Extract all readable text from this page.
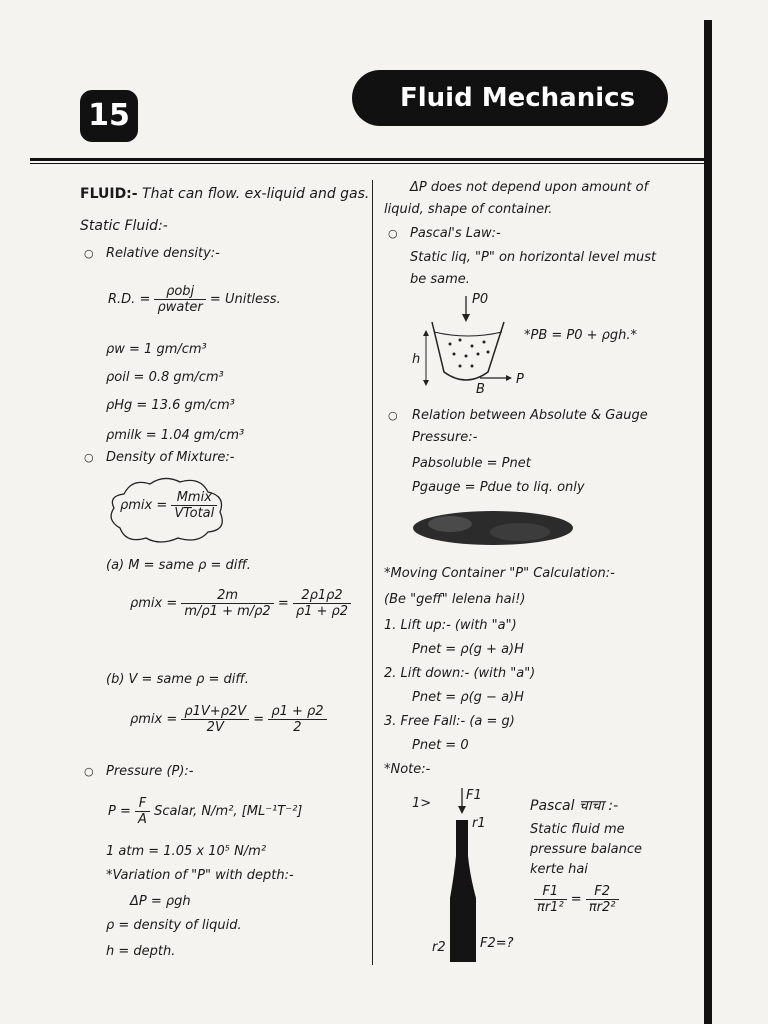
15	Fluid Mechanics
FLUID:- That can flow. ex-liquid and gas.
Static Fluid:-
○ Relative density:-
R.D. = $\frac{\text{ρobj}}{\text{ρwater}}$ = Unitless.
ρw = 1 gm/cm³
ρoil = 0.8 gm/cm³
ρHg = 13.6 gm/cm³
ρmilk = 1.04 gm/cm³
○ Density of Mixture:-
$\rho mix = \frac{\text{Mmix}}{\text{VTotal}}$
(a) M = same ρ = diff.
$\rho mix = \frac{2m}{m/\rho 1 + m/\rho 2} = \frac{2\rho 1\rho 2}{\rho 1 + \rho 2}$
(b) V = same ρ = diff.
$\rho mix = \frac{\rho 1V+\rho 2V}{2V} = \frac{\rho 1 + \rho 2}{2}$
○ Pressure (P):-
$P = \frac{F}{A}$ Scalar, N/m², [ML⁻¹T⁻²]
1 atm = 1.05 x 10⁵ N/m²
*Variation of "P" with depth:-
ΔP = ρgh
ρ = density of liquid.
h = depth.
ΔP does not depend upon amount of
liquid, shape of container.
○ Pascal's Law:-
Static liq, "P" on horizontal level must
be same.
P0
h
B
P
*PB = P0 + ρgh.*
○ Relation between Absolute & Gauge
Pressure:-
Pabsoluble = Pnet
Pgauge = Pdue to liq. only
*Moving Container "P" Calculation:-
(Be "geff" lelena hai!)
1. Lift up:- (with "a")
Pnet = ρ(g + a)H
2. Lift down:- (with "a")
Pnet = ρ(g − a)H
3. Free Fall:- (a = g)
Pnet = 0
*Note:-
1>
F1
r1
r2	F2=?
Pascal चाचा :-
Static fluid me
pressure balance
kerte hai
$\frac{F1}{\text{πr1²}} = \frac{F2}{\text{πr2²}}$
